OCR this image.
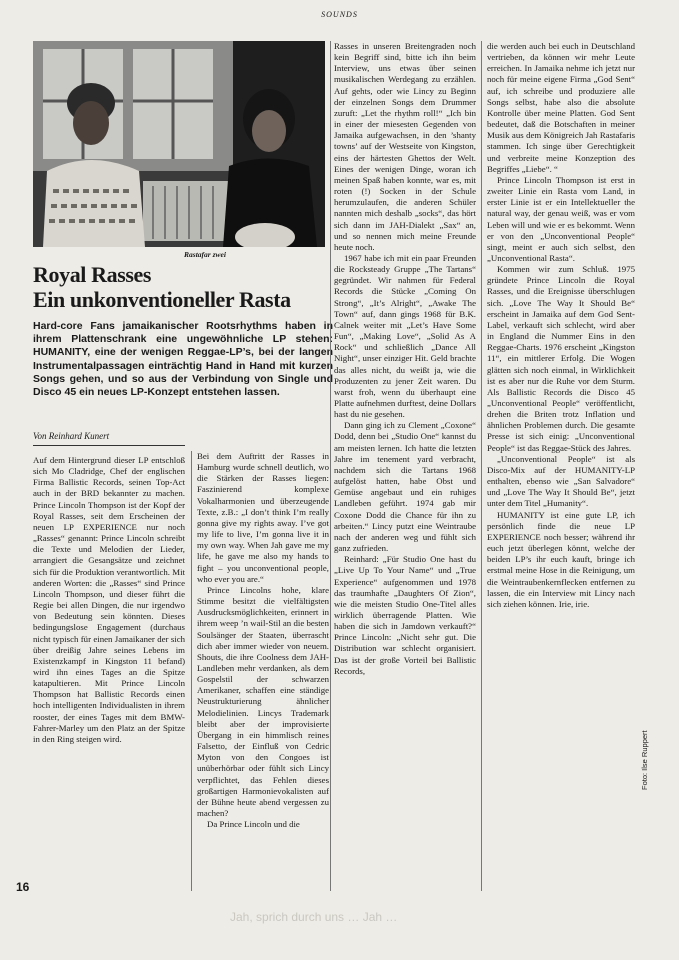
SOUNDS
Rastafar zwei
Royal Rasses
Ein unkonventioneller Rasta
Hard-core Fans jamaikanischer Rootsrhythms haben in ihrem Plattenschrank eine ungewöhnliche LP stehen: HUMANITY, eine der wenigen Reggae-LP’s, bei der langen Instrumentalpassagen einträchtig Hand in Hand mit kurzen Songs gehen, und so aus der Verbindung von Single und Disco 45 ein neues LP-Konzept entstehen lassen.
Von Reinhard Kunert

Auf dem Hintergrund dieser LP entschloß sich Mo Cladridge, Chef der englischen Firma Ballistic Records, seinen Top-Act auch in der BRD bekannter zu machen. Prince Lincoln Thompson ist der Kopf der Royal Rasses, seit dem Erscheinen der neuen LP EXPERIENCE nur noch „Rasses“ genannt: Prince Lincoln schreibt die Texte und Melodien der Lieder, arrangiert die Gesangsätze und zeichnet sich für die Produktion verantwortlich. Mit anderen Worten: die „Rasses“ sind Prince Lincoln Thompson, und dieser führt die Regie bei allen Dingen, die nur irgendwo von Bedeutung sein könnten. Dieses bedingungslose Engagement (durchaus nicht typisch für einen Jamaikaner der sich über dreißig Jahre seines Lebens im Existenzkampf in Kingston 11 befand) wird ihn eines Tages an die Spitze katapultieren. Mit Prince Lincoln Thompson hat Ballistic Records einen hoch intelligenten Individualisten in ihrem rooster, der eines Tages mit dem BMW-Fahrer-Marley um den Platz an der Spitze in den Ring steigen wird.

Bei dem Auftritt der Rasses in Hamburg wurde schnell deutlich, wo die Stärken der Rasses liegen: Faszinierend komplexe Vokalharmonien und überzeugende Texte, z.B.: „I don’t think I’m really gonna give my rights away. I’ve got my life to live, I’m gonna live it in my own way. When Jah gave me my life, he gave me also my hands to fight – you unconventional people, who ever you are.“

Prince Lincolns hohe, klare Stimme besitzt die vielfältigsten Ausdrucksmöglichkeiten, erinnert in ihrem weep ’n wail-Stil an die besten Soulsänger der Staaten, überrascht dich aber immer wieder von neuem. Shouts, die ihre Coolness dem JAH-Landleben mehr verdanken, als dem Gospelstil der schwarzen Amerikaner, schaffen eine ständige Neustrukturierung ähnlicher Melodielinien. Lincys Trademark bleibt aber der improvisierte Übergang in ein himmlisch reines Falsetto, der Einfluß von Cedric Myton von den Congoes ist unüberhörbar oder fühlt sich Lincy verpflichtet, das Fehlen dieses großartigen Harmonievokalisten auf der Bühne heute abend vergessen zu machen?

Da Prince Lincoln und die

Rasses in unseren Breitengraden noch kein Begriff sind, bitte ich ihn beim Interview, uns etwas über seinen musikalischen Werdegang zu erzählen. Auf gehts, oder wie Lincy zu Beginn der einzelnen Songs dem Drummer zuruft: „Let the rhythm roll!“ „Ich bin in einer der miesesten Gegenden von Jamaika aufgewachsen, in den ’shanty towns’ auf der Westseite von Kingston, eins der härtesten Ghettos der Welt. Eines der wenigen Dinge, woran ich meinen Spaß haben konnte, war es, mit roten (!) Socken in der Schule herumzulaufen, die anderen Schüler nannten mich deshalb „socks“, das hört sich dann im JAH-Dialekt „Sax“ an, und so nennen mich meine Freunde heute noch.

1967 habe ich mit ein paar Freunden die Rocksteady Gruppe „The Tartans“ gegründet. Wir nahmen für Federal Records die Stücke „Coming On Strong“, „It’s Alright“, „Awake The Town“ auf, dann gings 1968 für B.K. Calnek weiter mit „Let’s Have Some Fun“, „Making Love“, „Solid As A Rock“ und schließlich „Dance All Night“, unser einziger Hit. Geld brachte das alles nicht, du weißt ja, wie die Produzenten zu jener Zeit waren. Du warst froh, wenn du überhaupt eine Platte aufnehmen durftest, deine Dollars hast du nie gesehen.

Dann ging ich zu Clement „Coxone“ Dodd, denn bei „Studio One“ kannst du am meisten lernen. Ich hatte die letzten Jahre im tenement yard verbracht, nachdem sich die Tartans 1968 aufgelöst hatten, habe Obst und Gemüse angebaut und ein ruhiges Landleben geführt. 1974 gab mir Coxone Dodd die Chance für ihn zu arbeiten.“ Lincy putzt eine Weintraube nach der anderen weg und fühlt sich ganz zufrieden.

Reinhard: „Für Studio One hast du „Live Up To Your Name“ und „True Experience“ aufgenommen und 1978 das traumhafte „Daughters Of Zion“, wie die meisten Studio One-Titel alles wirklich überragende Platten. Wie haben die sich in Jamdown verkauft?“ Prince Lincoln: „Nicht sehr gut. Die Distribution war schlecht organisiert. Das ist der große Vorteil bei Ballistic Records,

die werden auch bei euch in Deutschland vertrieben, da können wir mehr Leute erreichen. In Jamaika nehme ich jetzt nur noch für meine eigene Firma „God Sent“ auf, ich schreibe und produziere alle Songs selbst, habe also die absolute Kontrolle über meine Platten. God Sent bedeutet, daß die Botschaften in meiner Musik aus dem Königreich Jah Rastafaris stammen. Ich singe über Gerechtigkeit und verbreite meine Konzeption des Begriffes „Liebe“. “

Prince Lincoln Thompson ist erst in zweiter Linie ein Rasta vom Land, in erster Linie ist er ein Intellektueller the natural way, der genau weiß, was er vom Leben will und wie er es bekommt. Wenn er von den „Unconventional People“ singt, meint er auch sich selbst, den „Unconventional Rasta“.

Kommen wir zum Schluß. 1975 gründete Prince Lincoln die Royal Rasses, und die Ereignisse überschlugen sich. „Love The Way It Should Be“ erscheint in Jamaika auf dem God Sent-Label, verkauft sich schlecht, wird aber in England die Nummer Eins in den Reggae-Charts. 1976 erscheint „Kingston 11“, ein mittlerer Erfolg. Die Wogen glätten sich noch einmal, in Wirklichkeit ist es aber nur die Ruhe vor dem Sturm. Als Ballistic Records die Disco 45 „Unconventional People“ veröffentlicht, drehen die Briten trotz Inflation und ähnlichen Problemen durch. Die gesamte Presse ist sich einig: „Unconventional People“ ist das Reggae-Stück des Jahres.

„Unconventional People“ ist als Disco-Mix auf der HUMANITY-LP enthalten, ebenso wie „San Salvadore“ und „Love The Way It Should Be“, jetzt unter dem Titel „Humanity“.

HUMANITY ist eine gute LP, ich persönlich finde die neue LP EXPERIENCE noch besser; während ihr euch jetzt überlegen könnt, welche der beiden LP’s ihr euch kauft, bringe ich erstmal meine Hose in die Reinigung, um die Weintraubenkernflecken entfernen zu lassen, die ein Interview mit Lincy nach sich ziehen können. Irie, irie.

Foto: Ilse Ruppert
16
Jah, sprich durch uns … Jah …
